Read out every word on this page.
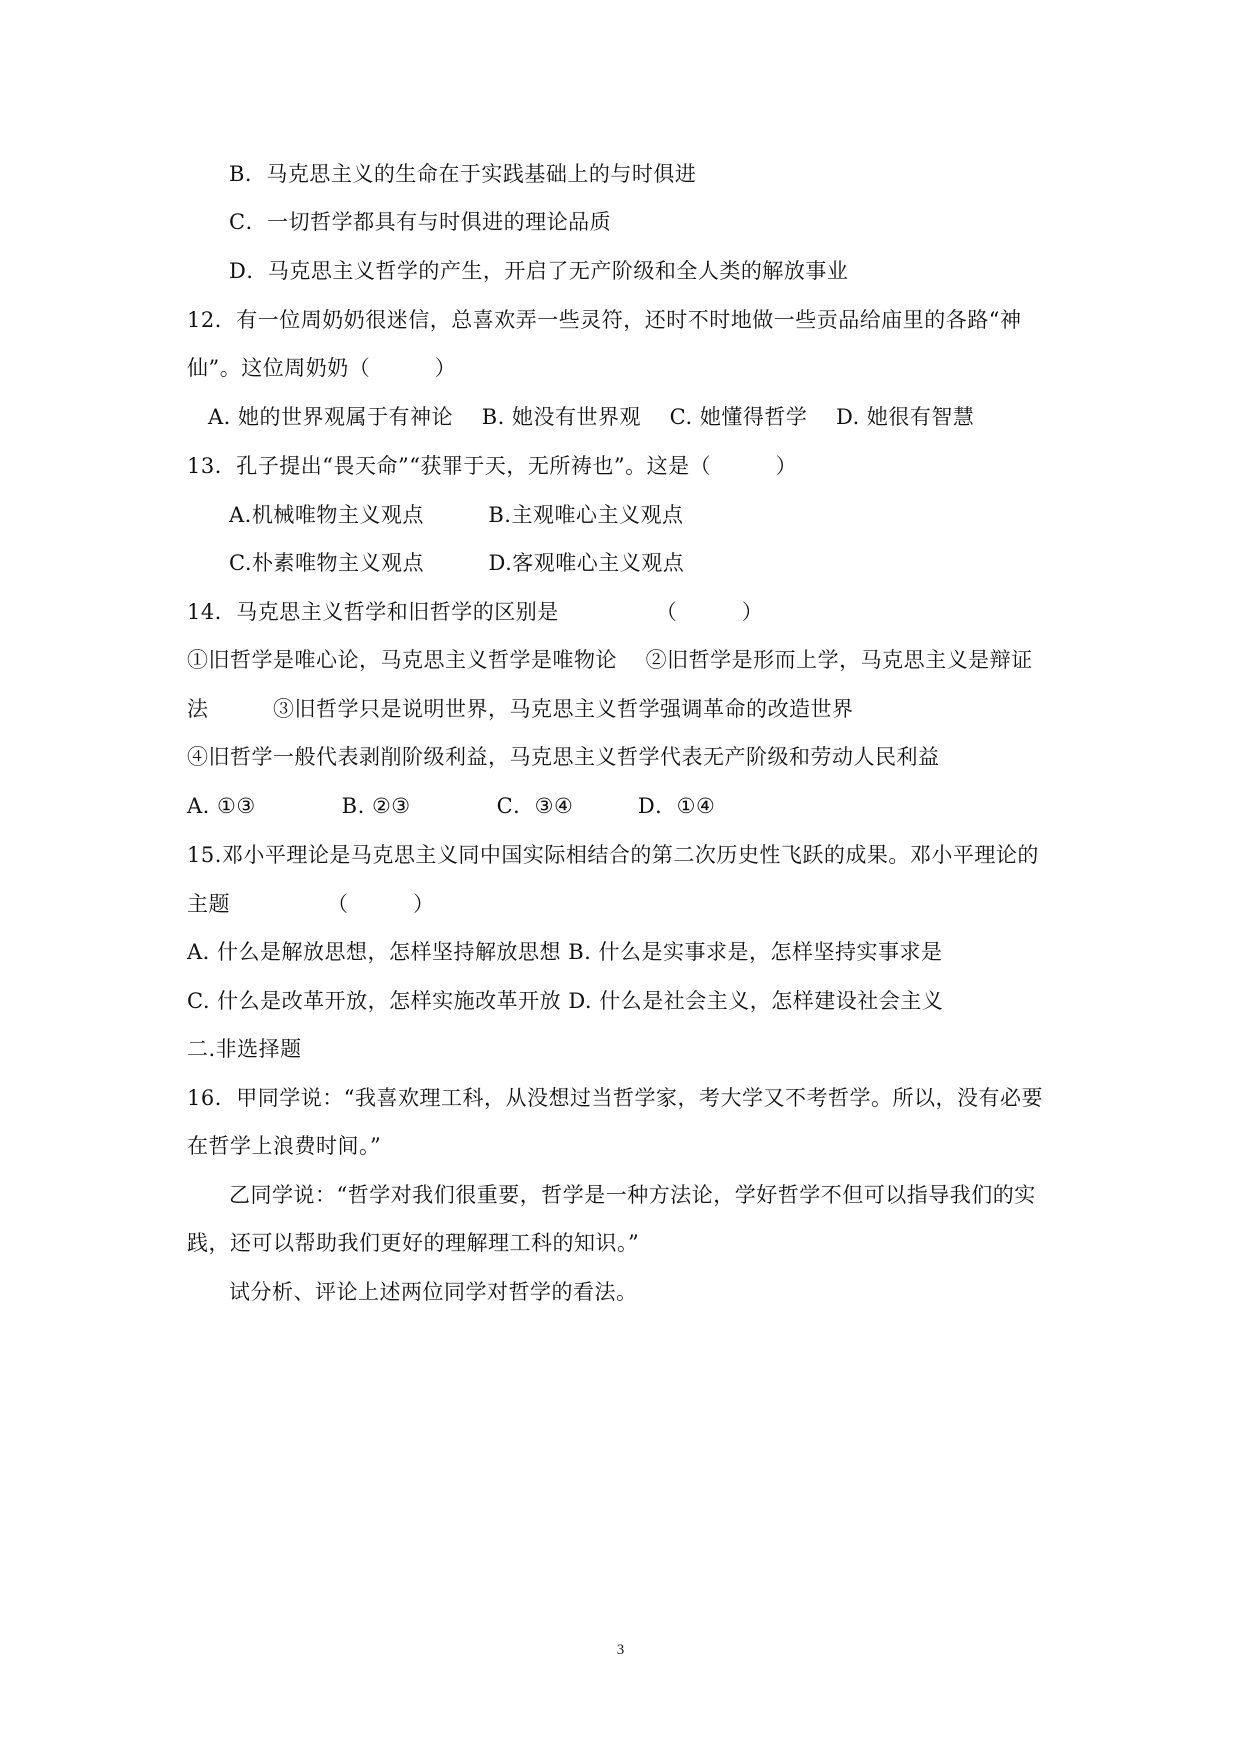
B．马克思主义的生命在于实践基础上的与时俱进
C．一切哲学都具有与时俱进的理论品质
D．马克思主义哲学的产生，开启了无产阶级和全人类的解放事业
12．有一位周奶奶很迷信，总喜欢弄一些灵符，还时不时地做一些贡品给庙里的各路“神
仙”。这位周奶奶（　　　）
A. 她的世界观属于有神论　 B. 她没有世界观　 C. 她懂得哲学　 D. 她很有智慧
13．孔子提出“畏天命”“获罪于天，无所祷也”。这是（　　　）
A.机械唯物主义观点　　　B.主观唯心主义观点
C.朴素唯物主义观点　　　D.客观唯心主义观点
14．马克思主义哲学和旧哲学的区别是　　　　　（　　　）
①旧哲学是唯心论，马克思主义哲学是唯物论　 ②旧哲学是形而上学，马克思主义是辩证
法　　　③旧哲学只是说明世界，马克思主义哲学强调革命的改造世界
④旧哲学一般代表剥削阶级利益，马克思主义哲学代表无产阶级和劳动人民利益
A. ①③　　　　B. ②③　　　　C．③④　　　D．①④
15.邓小平理论是马克思主义同中国实际相结合的第二次历史性飞跃的成果。邓小平理论的
主题　　　　　（　　　）
A. 什么是解放思想，怎样坚持解放思想 B. 什么是实事求是，怎样坚持实事求是
C. 什么是改革开放，怎样实施改革开放 D. 什么是社会主义，怎样建设社会主义
二.非选择题
16．甲同学说：“我喜欢理工科，从没想过当哲学家，考大学又不考哲学。所以，没有必要
在哲学上浪费时间。”
乙同学说：“哲学对我们很重要，哲学是一种方法论，学好哲学不但可以指导我们的实
践，还可以帮助我们更好的理解理工科的知识。”
试分析、评论上述两位同学对哲学的看法。
3
